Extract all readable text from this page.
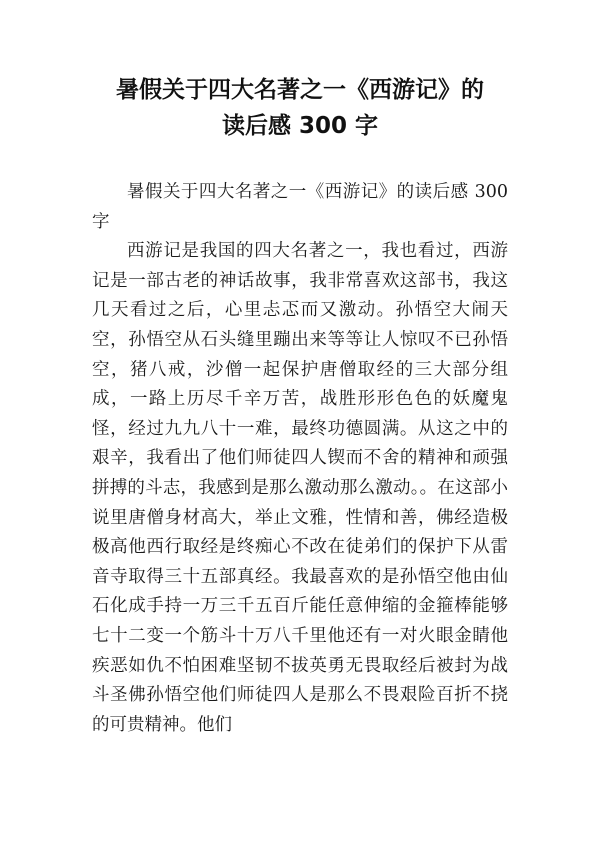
暑假关于四大名著之一《西游记》的
读后感 300 字

暑假关于四大名著之一《西游记》的读后感 300 字

西游记是我国的四大名著之一，我也看过，西游记是一部古老的神话故事，我非常喜欢这部书，我这几天看过之后，心里忐忑而又激动。孙悟空大闹天空，孙悟空从石头缝里蹦出来等等让人惊叹不已孙悟空，猪八戒，沙僧一起保护唐僧取经的三大部分组成，一路上历尽千辛万苦，战胜形形色色的妖魔鬼怪，经过九九八十一难，最终功德圆满。从这之中的艰辛，我看出了他们师徒四人锲而不舍的精神和顽强拼搏的斗志，我感到是那么激动那么激动。。在这部小说里唐僧身材高大，举止文雅，性情和善，佛经造极极高他西行取经是终痴心不改在徒弟们的保护下从雷音寺取得三十五部真经。我最喜欢的是孙悟空他由仙石化成手持一万三千五百斤能任意伸缩的金箍棒能够七十二变一个筋斗十万八千里他还有一对火眼金睛他疾恶如仇不怕困难坚韧不拔英勇无畏取经后被封为战斗圣佛孙悟空他们师徒四人是那么不畏艰险百折不挠的可贵精神。他们
